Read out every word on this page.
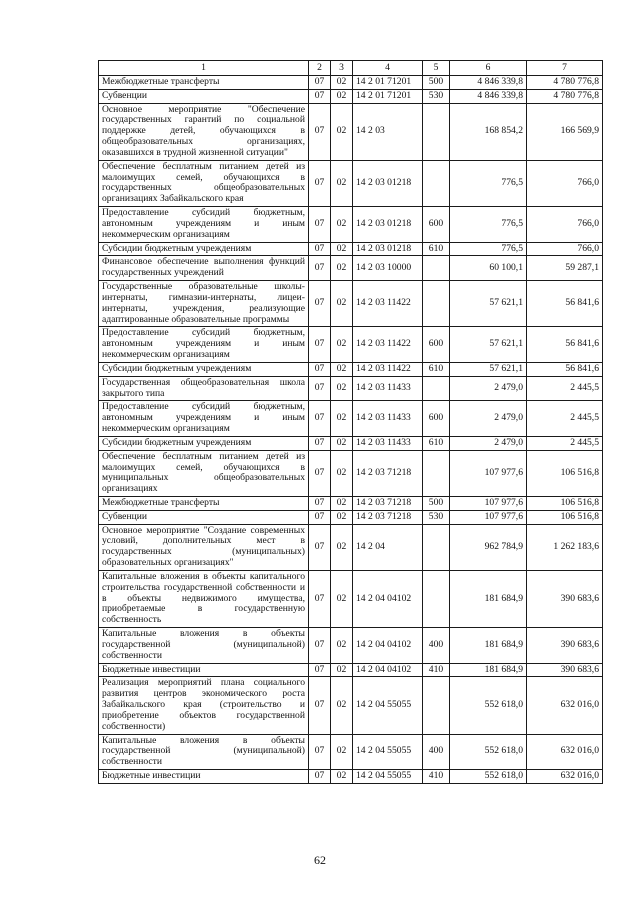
1	2	3	4	5	6	7
Межбюджетные трансферты	07	02	14 2 01 71201	500	4 846 339,8	4 780 776,8
Субвенции	07	02	14 2 01 71201	530	4 846 339,8	4 780 776,8
Основное мероприятие "Обеспечение государственных гарантий по социальной поддержке детей, обучающихся в общеобразовательных организациях, оказавшихся в трудной жизненной ситуации"	07	02	14 2 03		168 854,2	166 569,9
Обеспечение бесплатным питанием детей из малоимущих семей, обучающихся в государственных общеобразовательных организациях Забайкальского края	07	02	14 2 03 01218		776,5	766,0
Предоставление субсидий бюджетным, автономным учреждениям и иным некоммерческим организациям	07	02	14 2 03 01218	600	776,5	766,0
Субсидии бюджетным учреждениям	07	02	14 2 03 01218	610	776,5	766,0
Финансовое обеспечение выполнения функций государственных учреждений	07	02	14 2 03 10000		60 100,1	59 287,1
Государственные образовательные школы-интернаты, гимназии-интернаты, лицеи-интернаты, учреждения, реализующие адаптированные образовательные программы	07	02	14 2 03 11422		57 621,1	56 841,6
Предоставление субсидий бюджетным, автономным учреждениям и иным некоммерческим организациям	07	02	14 2 03 11422	600	57 621,1	56 841,6
Субсидии бюджетным учреждениям	07	02	14 2 03 11422	610	57 621,1	56 841,6
Государственная общеобразовательная школа закрытого типа	07	02	14 2 03 11433		2 479,0	2 445,5
Предоставление субсидий бюджетным, автономным учреждениям и иным некоммерческим организациям	07	02	14 2 03 11433	600	2 479,0	2 445,5
Субсидии бюджетным учреждениям	07	02	14 2 03 11433	610	2 479,0	2 445,5
Обеспечение бесплатным питанием детей из малоимущих семей, обучающихся в муниципальных общеобразовательных организациях	07	02	14 2 03 71218		107 977,6	106 516,8
Межбюджетные трансферты	07	02	14 2 03 71218	500	107 977,6	106 516,8
Субвенции	07	02	14 2 03 71218	530	107 977,6	106 516,8
Основное мероприятие "Создание современных условий, дополнительных мест в государственных (муниципальных) образовательных организациях"	07	02	14 2 04		962 784,9	1 262 183,6
Капитальные вложения в объекты капитального строительства государственной собственности и в объекты недвижимого имущества, приобретаемые в государственную собственность	07	02	14 2 04 04102		181 684,9	390 683,6
Капитальные вложения в объекты государственной (муниципальной) собственности	07	02	14 2 04 04102	400	181 684,9	390 683,6
Бюджетные инвестиции	07	02	14 2 04 04102	410	181 684,9	390 683,6
Реализация мероприятий плана социального развития центров экономического роста Забайкальского края (строительство и приобретение объектов государственной собственности)	07	02	14 2 04 55055		552 618,0	632 016,0
Капитальные вложения в объекты государственной (муниципальной) собственности	07	02	14 2 04 55055	400	552 618,0	632 016,0
Бюджетные инвестиции	07	02	14 2 04 55055	410	552 618,0	632 016,0
62
